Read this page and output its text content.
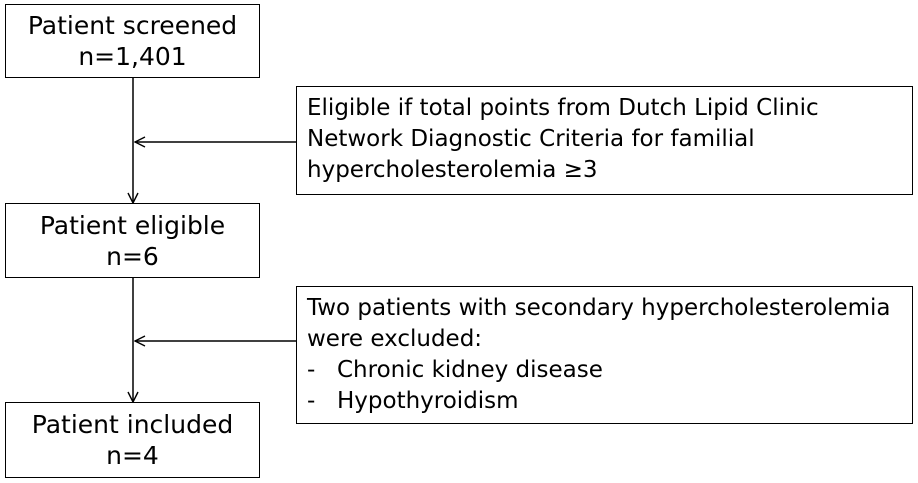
Patient screened
n=1,401
Eligible if total points from Dutch Lipid Clinic
Network Diagnostic Criteria for familial
hypercholesterolemia ≥3
Patient eligible
n=6
Two patients with secondary hypercholesterolemia
were excluded:
- Chronic kidney disease
- Hypothyroidism
Patient included
n=4
